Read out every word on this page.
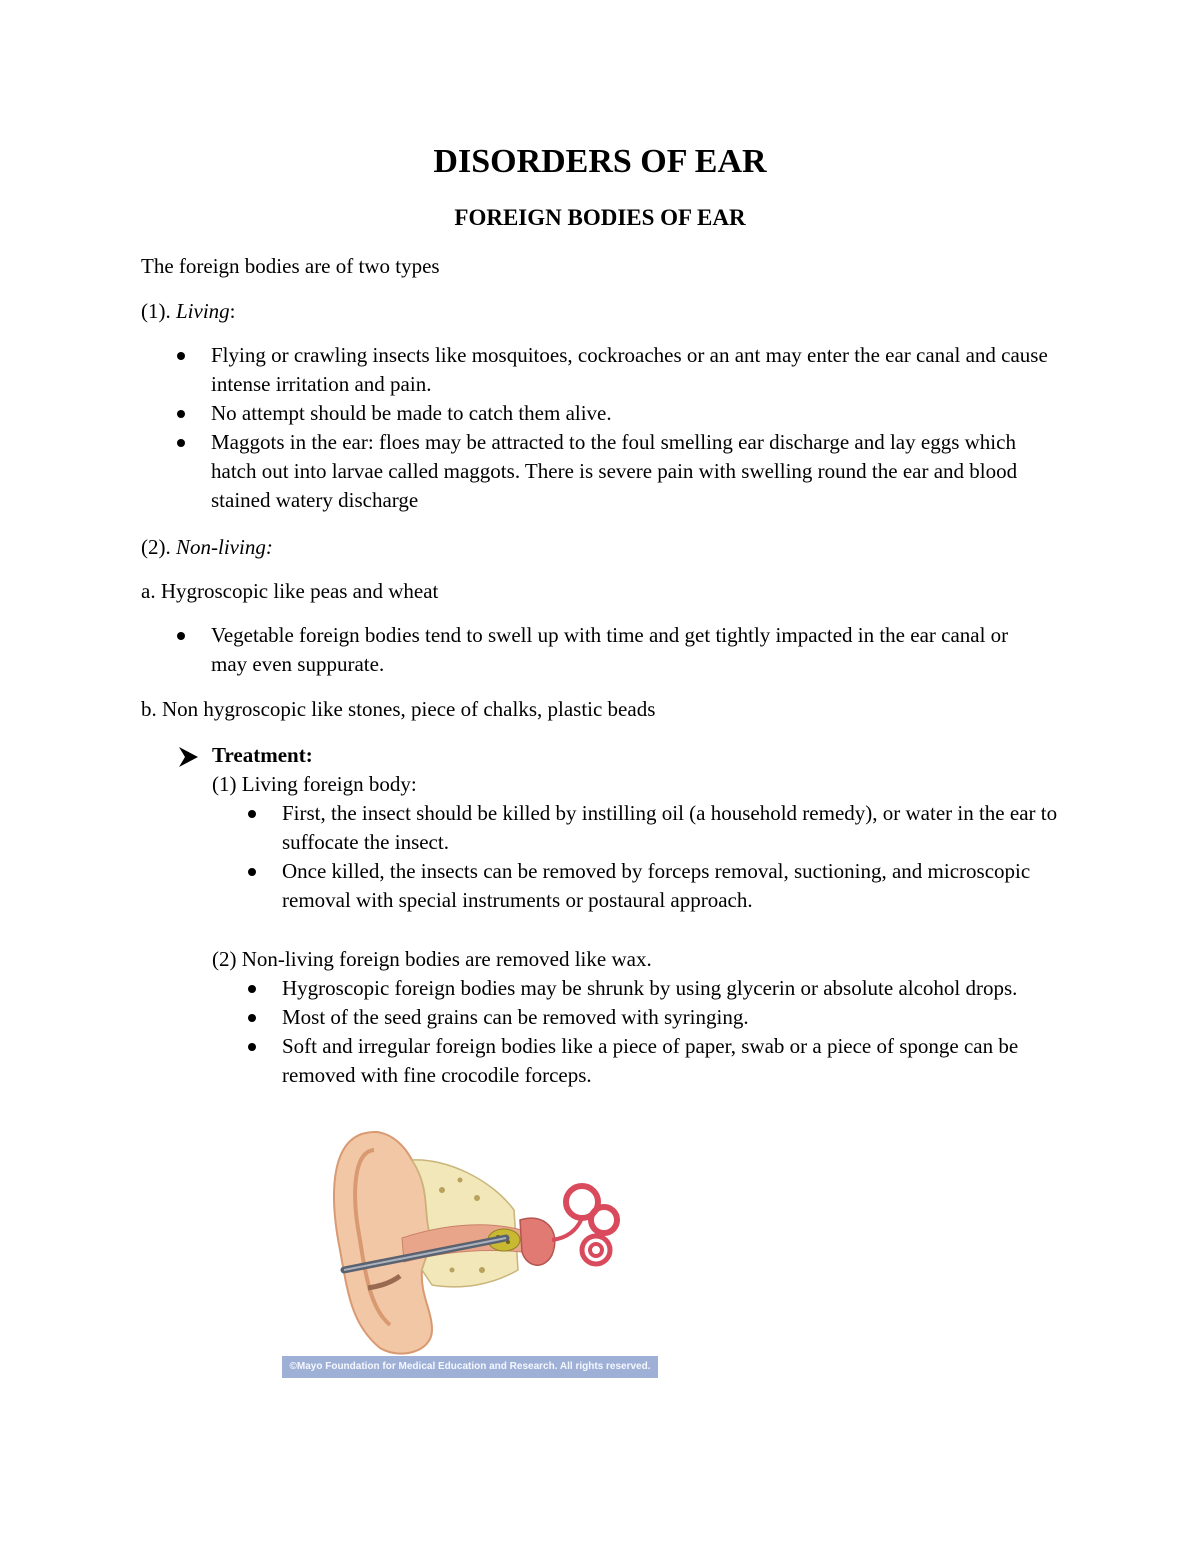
DISORDERS OF EAR
FOREIGN BODIES OF EAR

The foreign bodies are of two types

(1). Living:

Flying or crawling insects like mosquitoes, cockroaches or an ant may enter the ear canal and cause intense irritation and pain.
No attempt should be made to catch them alive.
Maggots in the ear: floes may be attracted to the foul smelling ear discharge and lay eggs which hatch out into larvae called maggots. There is severe pain with swelling round the ear and blood stained watery discharge

(2). Non-living:

a. Hygroscopic like peas and wheat

Vegetable foreign bodies tend to swell up with time and get tightly impacted in the ear canal or may even suppurate.

b. Non hygroscopic like stones, piece of chalks, plastic beads

Treatment:

(1) Living foreign body:

First, the insect should be killed by instilling oil (a household remedy), or water in the ear to suffocate the insect.
Once killed, the insects can be removed by forceps removal, suctioning, and microscopic removal with special instruments or postaural approach.

(2) Non-living foreign bodies are removed like wax.

Hygroscopic foreign bodies may be shrunk by using glycerin or absolute alcohol drops.
Most of the seed grains can be removed with syringing.
Soft and irregular foreign bodies like a piece of paper, swab or a piece of sponge can be removed with fine crocodile forceps.
©Mayo Foundation for Medical Education and Research. All rights reserved.
